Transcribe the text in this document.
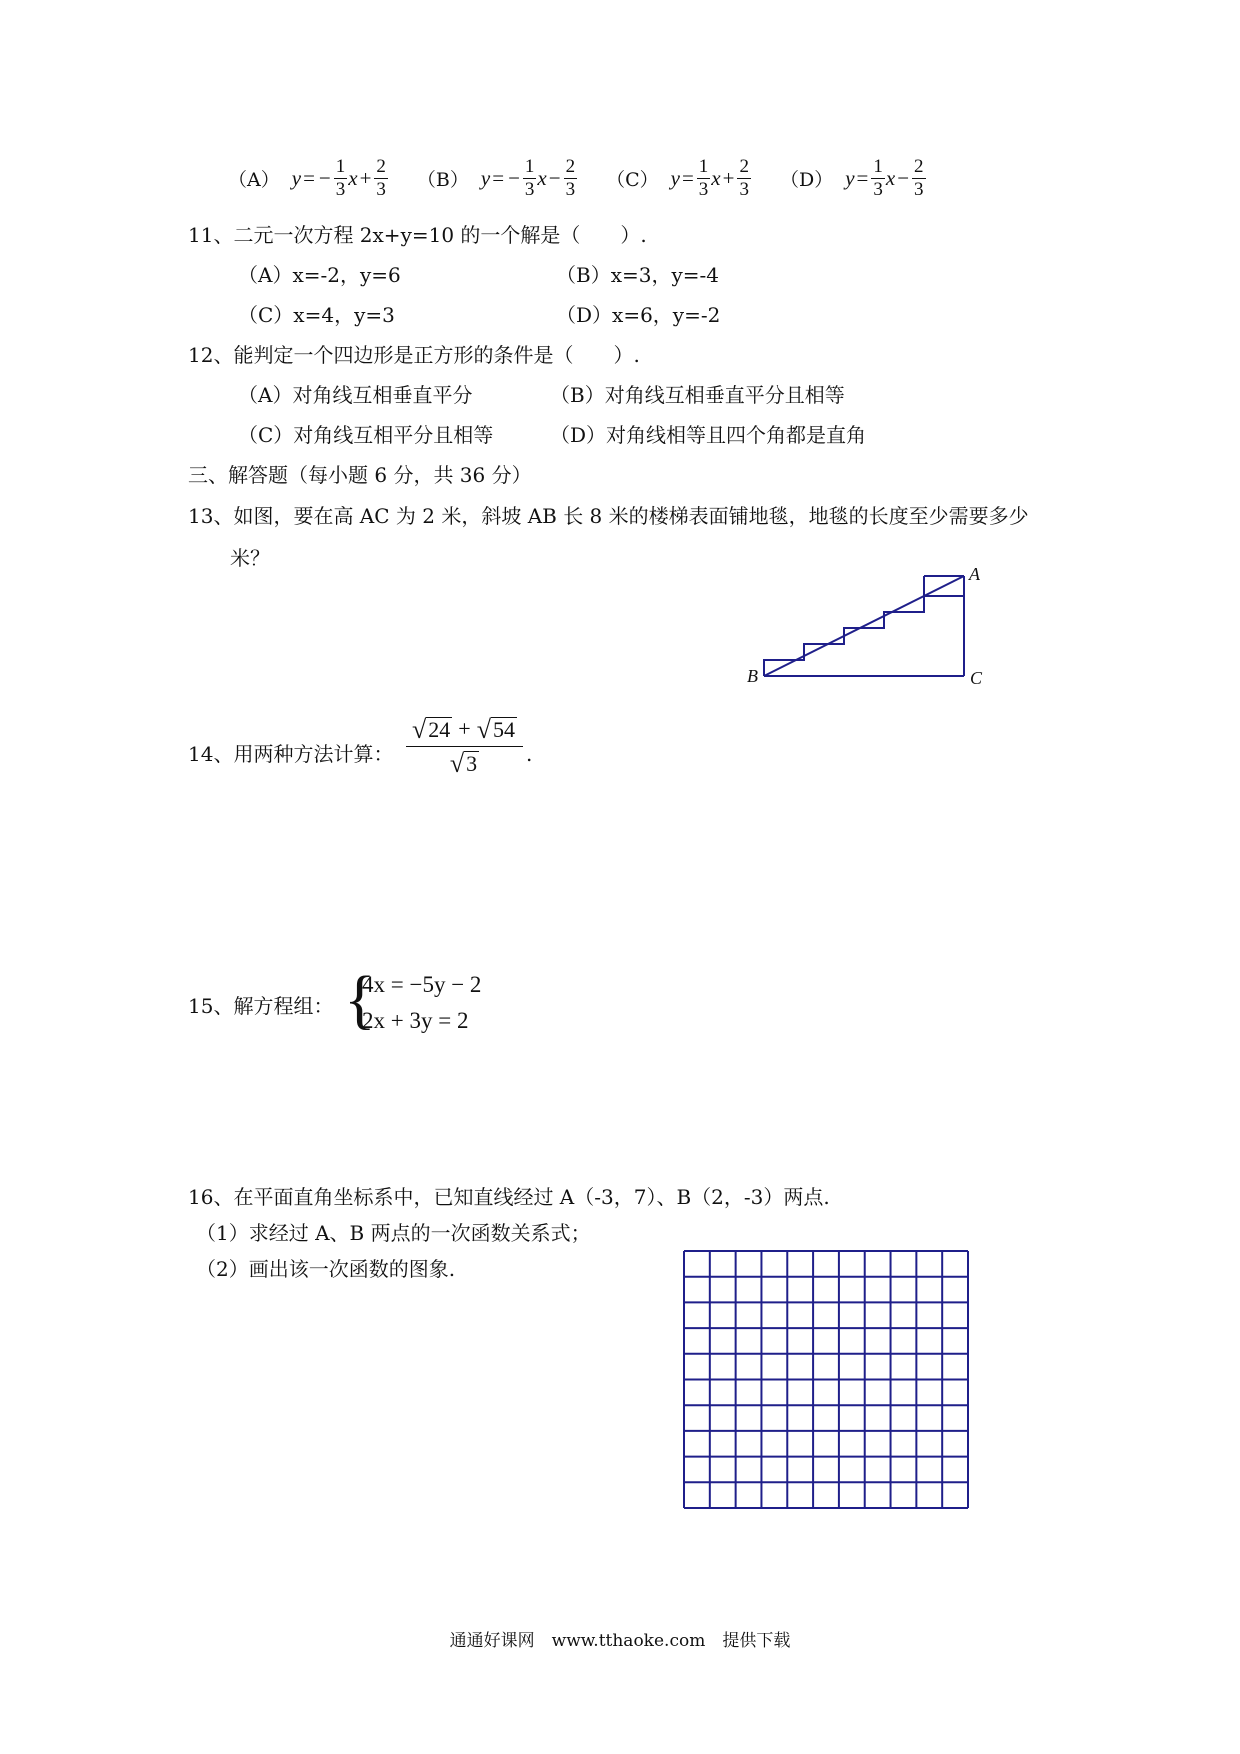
（A） y = − $\frac{1}{3}$ $x + \frac{2}{3} (B) y$ = − $\frac{1}{3}$ $x - \frac{2}{3} (C) y = \frac{1}{3}$ $x + \frac{2}{3} (D) y = \frac{1}{3}$ $x - \frac{2}{3}$
11、二元一次方程 2x+y=10 的一个解是（　　）.
（A）x=-2，y=6	（B）x=3，y=-4
（C）x=4，y=3	（D）x=6，y=-2
12、能判定一个四边形是正方形的条件是（　　）.
（A）对角线互相垂直平分	（B）对角线互相垂直平分且相等
（C）对角线互相平分且相等	（D）对角线相等且四个角都是直角
三、解答题（每小题 6 分，共 36 分）
13、如图，要在高 AC 为 2 米，斜坡 AB 长 8 米的楼梯表面铺地毯，地毯的长度至少需要多少
米？
A
B	C
14、用两种方法计算：
√ 24 + √ 54
√ 3 .
15、解方程组： {
4x = −5y − 2
2x + 3y = 2
16、在平面直角坐标系中，已知直线经过 A（-3，7）、B（2，-3）两点.
（1）求经过 A、B 两点的一次函数关系式；
（2）画出该一次函数的图象.
通通好课网　www.tthaoke.com　提供下载
